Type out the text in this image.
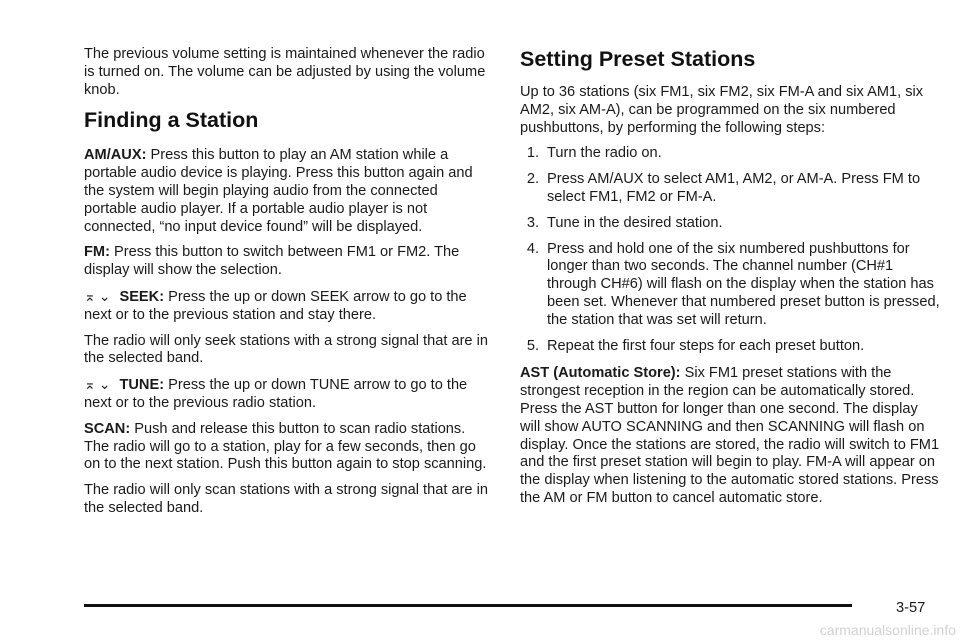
The previous volume setting is maintained whenever the radio is turned on. The volume can be adjusted by using the volume knob.

Finding a Station

AM/AUX: Press this button to play an AM station while a portable audio device is playing. Press this button again and the system will begin playing audio from the connected portable audio player. If a portable audio player is not connected, “no input device found” will be displayed.

FM: Press this button to switch between FM1 or FM2. The display will show the selection.

⌅⌄ SEEK: Press the up or down SEEK arrow to go to the next or to the previous station and stay there.

The radio will only seek stations with a strong signal that are in the selected band.

⌅⌄ TUNE: Press the up or down TUNE arrow to go to the next or to the previous radio station.

SCAN: Push and release this button to scan radio stations. The radio will go to a station, play for a few seconds, then go on to the next station. Push this button again to stop scanning.

The radio will only scan stations with a strong signal that are in the selected band.

Setting Preset Stations

Up to 36 stations (six FM1, six FM2, six FM-A and six AM1, six AM2, six AM-A), can be programmed on the six numbered pushbuttons, by performing the following steps:

1. Turn the radio on.
2. Press AM/AUX to select AM1, AM2, or AM-A. Press FM to select FM1, FM2 or FM-A.
3. Tune in the desired station.
4. Press and hold one of the six numbered pushbuttons for longer than two seconds. The channel number (CH#1 through CH#6) will flash on the display when the station has been set. Whenever that numbered preset button is pressed, the station that was set will return.
5. Repeat the first four steps for each preset button.

AST (Automatic Store): Six FM1 preset stations with the strongest reception in the region can be automatically stored. Press the AST button for longer than one second. The display will show AUTO SCANNING and then SCANNING will flash on display. Once the stations are stored, the radio will switch to FM1 and the first preset station will begin to play. FM-A will appear on the display when listening to the automatic stored stations. Press the AM or FM button to cancel automatic store.

3-57
carmanualsonline.info
